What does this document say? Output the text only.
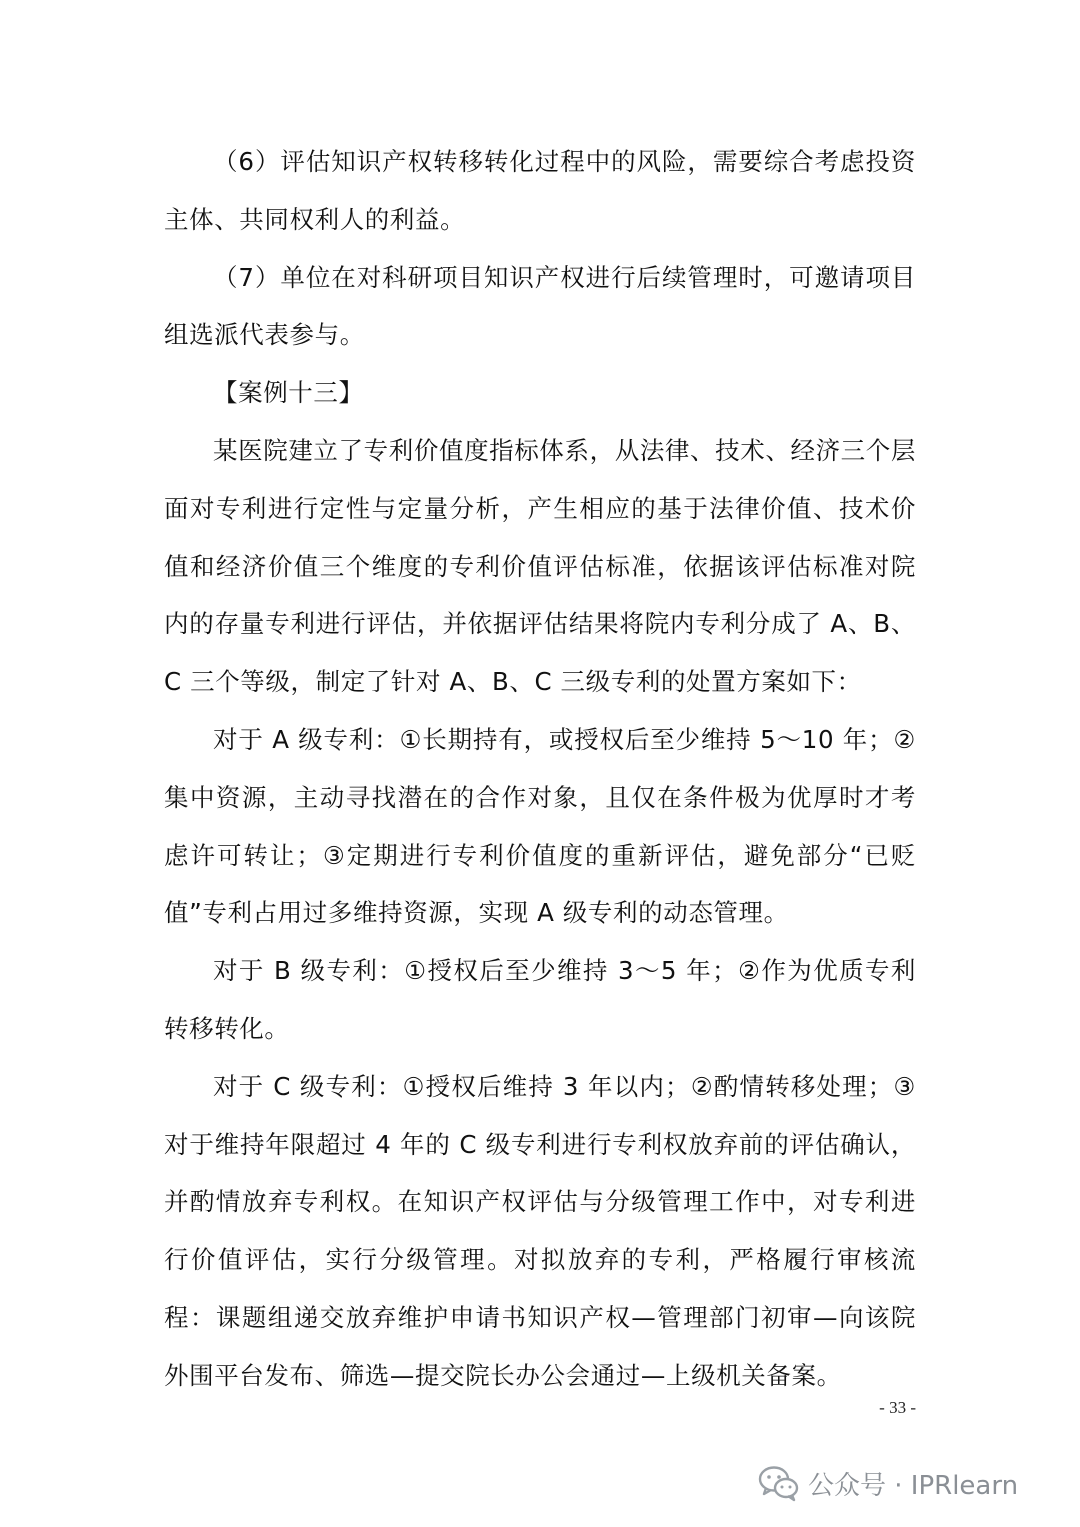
（6）评估知识产权转移转化过程中的风险，需要综合考虑投资主体、共同权利人的利益。

（7）单位在对科研项目知识产权进行后续管理时，可邀请项目组选派代表参与。

【案例十三】

某医院建立了专利价值度指标体系，从法律、技术、经济三个层面对专利进行定性与定量分析，产生相应的基于法律价值、技术价值和经济价值三个维度的专利价值评估标准，依据该评估标准对院内的存量专利进行评估，并依据评估结果将院内专利分成了 A、B、C 三个等级，制定了针对 A、B、C 三级专利的处置方案如下：

对于 A 级专利：①长期持有，或授权后至少维持 5～10 年；②集中资源，主动寻找潜在的合作对象，且仅在条件极为优厚时才考虑许可转让；③定期进行专利价值度的重新评估，避免部分“已贬值”专利占用过多维持资源，实现 A 级专利的动态管理。

对于 B 级专利：①授权后至少维持 3～5 年；②作为优质专利转移转化。

对于 C 级专利：①授权后维持 3 年以内；②酌情转移处理；③对于维持年限超过 4 年的 C 级专利进行专利权放弃前的评估确认，并酌情放弃专利权。在知识产权评估与分级管理工作中，对专利进行价值评估，实行分级管理。对拟放弃的专利，严格履行审核流程：课题组递交放弃维护申请书知识产权—管理部门初审—向该院外围平台发布、筛选—提交院长办公会通过—上级机关备案。

- 33 -
公众号 · IPRlearn
